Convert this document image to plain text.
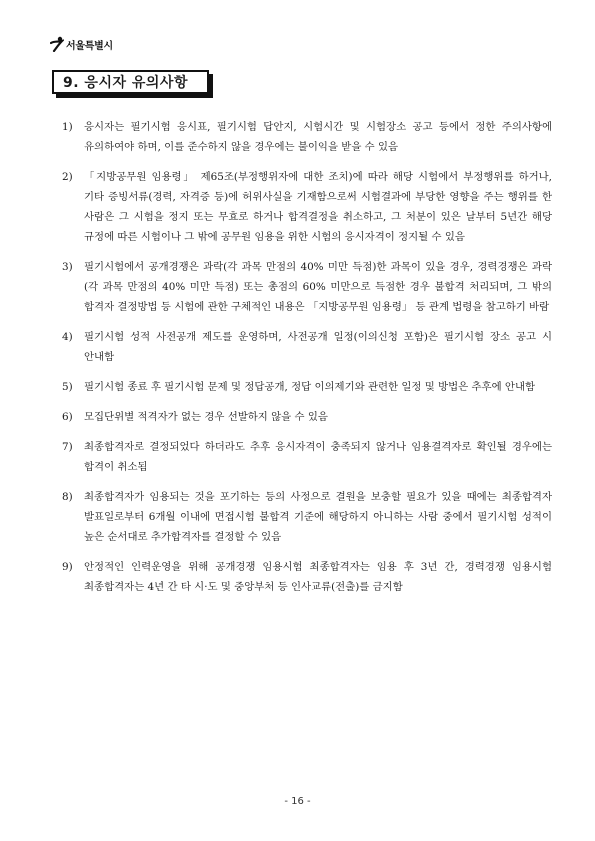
서울특별시
9. 응시자 유의사항
1)	응시자는 필기시험 응시표, 필기시험 답안지, 시험시간 및 시험장소 공고 등에서 정한 주의사항에 유의하여야 하며, 이를 준수하지 않을 경우에는 불이익을 받을 수 있음
2)	「지방공무원 임용령」 제65조(부정행위자에 대한 조치)에 따라 해당 시험에서 부정행위를 하거나, 기타 증빙서류(경력, 자격증 등)에 허위사실을 기재함으로써 시험결과에 부당한 영향을 주는 행위를 한 사람은 그 시험을 정지 또는 무효로 하거나 합격결정을 취소하고, 그 처분이 있은 날부터 5년간 해당 규정에 따른 시험이나 그 밖에 공무원 임용을 위한 시험의 응시자격이 정지될 수 있음
3)	필기시험에서 공개경쟁은 과락(각 과목 만점의 40% 미만 득점)한 과목이 있을 경우, 경력경쟁은 과락(각 과목 만점의 40% 미만 득점) 또는 총점의 60% 미만으로 득점한 경우 불합격 처리되며, 그 밖의 합격자 결정방법 등 시험에 관한 구체적인 내용은 「지방공무원 임용령」 등 관계 법령을 참고하기 바람
4)	필기시험 성적 사전공개 제도를 운영하며, 사전공개 일정(이의신청 포함)은 필기시험 장소 공고 시 안내함
5)	필기시험 종료 후 필기시험 문제 및 정답공개, 정답 이의제기와 관련한 일정 및 방법은 추후에 안내함
6)	모집단위별 적격자가 없는 경우 선발하지 않을 수 있음
7)	최종합격자로 결정되었다 하더라도 추후 응시자격이 충족되지 않거나 임용결격자로 확인될 경우에는 합격이 취소됨
8)	최종합격자가 임용되는 것을 포기하는 등의 사정으로 결원을 보충할 필요가 있을 때에는 최종합격자 발표일로부터 6개월 이내에 면접시험 불합격 기준에 해당하지 아니하는 사람 중에서 필기시험 성적이 높은 순서대로 추가합격자를 결정할 수 있음
9)	안정적인 인력운영을 위해 공개경쟁 임용시험 최종합격자는 임용 후 3년 간, 경력경쟁 임용시험 최종합격자는 4년 간 타 시·도 및 중앙부처 등 인사교류(전출)를 금지함
- 16 -
